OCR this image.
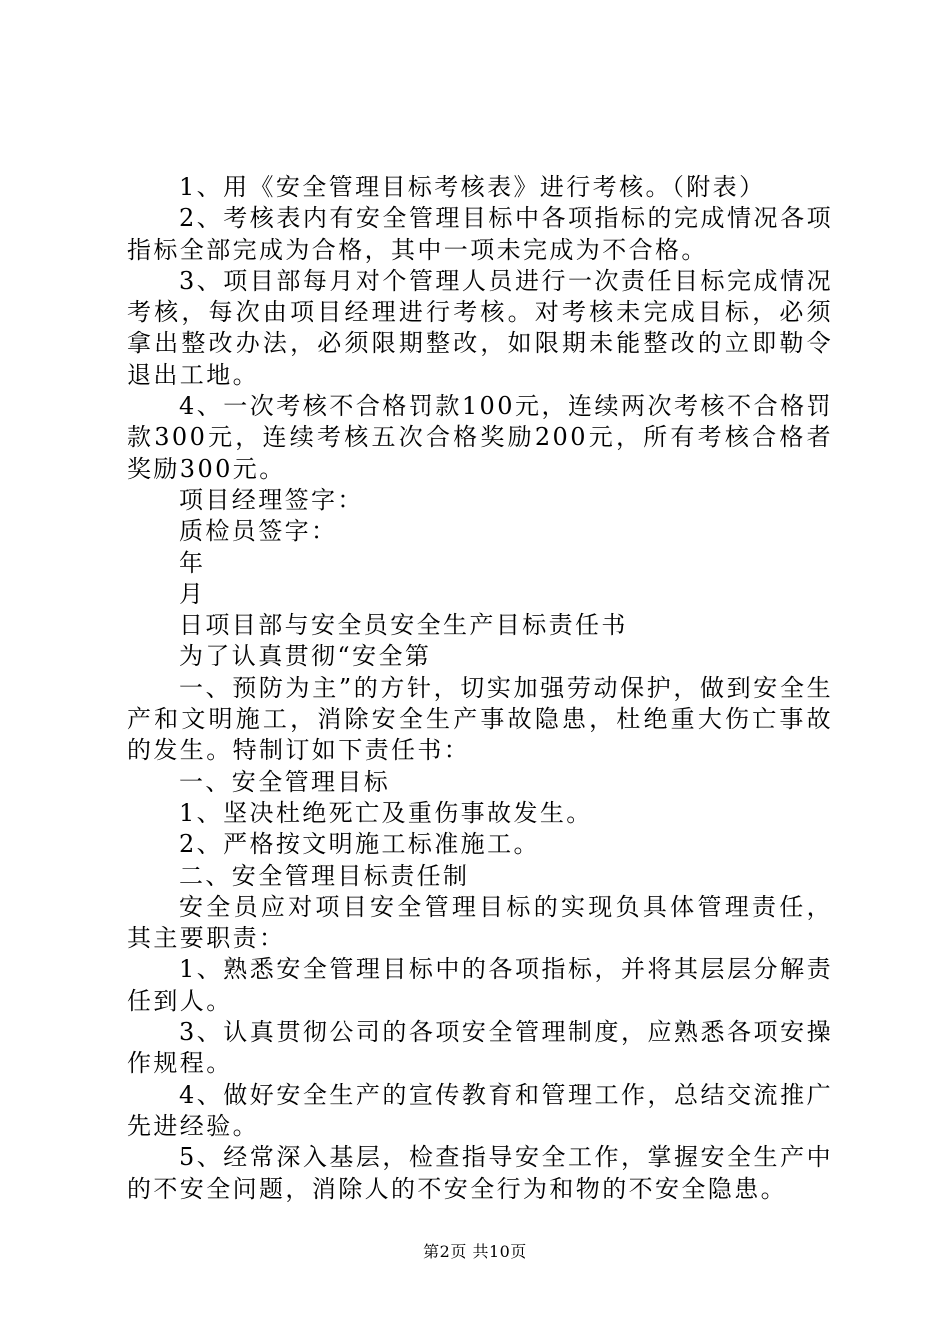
1、用《安全管理目标考核表》进行考核。（附表）

2、考核表内有安全管理目标中各项指标的完成情况各项指标全部完成为合格，其中一项未完成为不合格。

3、项目部每月对个管理人员进行一次责任目标完成情况考核，每次由项目经理进行考核。对考核未完成目标，必须拿出整改办法，必须限期整改，如限期未能整改的立即勒令退出工地。

4、一次考核不合格罚款100元，连续两次考核不合格罚款300元，连续考核五次合格奖励200元，所有考核合格者奖励300元。

项目经理签字：

质检员签字：

年

月

日项目部与安全员安全生产目标责任书

为了认真贯彻“安全第

一、预防为主”的方针，切实加强劳动保护，做到安全生产和文明施工，消除安全生产事故隐患，杜绝重大伤亡事故的发生。特制订如下责任书：

一、安全管理目标

1、坚决杜绝死亡及重伤事故发生。

2、严格按文明施工标准施工。

二、安全管理目标责任制

安全员应对项目安全管理目标的实现负具体管理责任，其主要职责：

1、熟悉安全管理目标中的各项指标，并将其层层分解责任到人。

3、认真贯彻公司的各项安全管理制度，应熟悉各项安操作规程。

4、做好安全生产的宣传教育和管理工作，总结交流推广先进经验。

5、经常深入基层，检查指导安全工作，掌握安全生产中的不安全问题，消除人的不安全行为和物的不安全隐患。

第2页 共10页
